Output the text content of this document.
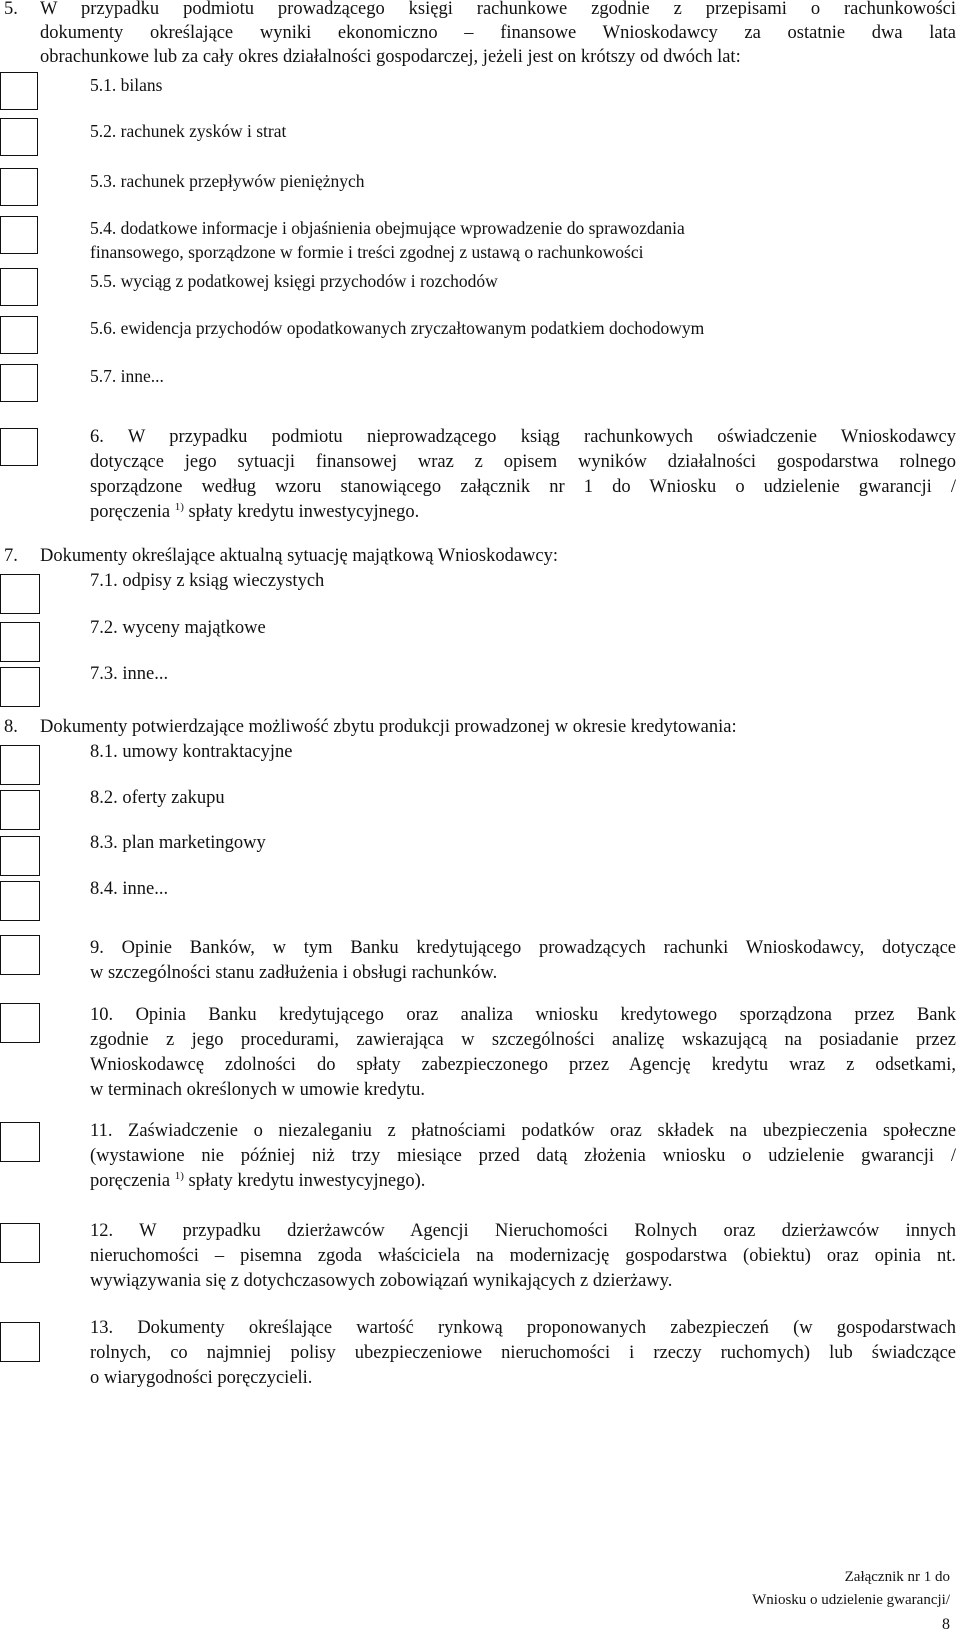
5. W przypadku podmiotu prowadzącego księgi rachunkowe zgodnie z przepisami o rachunkowości
dokumenty określające wyniki ekonomiczno – finansowe Wnioskodawcy za ostatnie dwa lata
obrachunkowe lub za cały okres działalności gospodarczej, jeżeli jest on krótszy od dwóch lat:
5.1. bilans
5.2. rachunek zysków i strat
5.3. rachunek przepływów pieniężnych
5.4. dodatkowe informacje i objaśnienia obejmujące wprowadzenie do sprawozdania
finansowego, sporządzone w formie i treści zgodnej z ustawą o rachunkowości
5.5. wyciąg z podatkowej księgi przychodów i rozchodów
5.6. ewidencja przychodów opodatkowanych zryczałtowanym podatkiem dochodowym
5.7. inne...
6. W przypadku podmiotu nieprowadzącego ksiąg rachunkowych oświadczenie Wnioskodawcy
dotyczące jego sytuacji finansowej wraz z opisem wyników działalności gospodarstwa rolnego
sporządzone według wzoru stanowiącego załącznik nr 1 do Wniosku o udzielenie gwarancji /
poręczenia $^{1)}$ spłaty kredytu inwestycyjnego.
7. Dokumenty określające aktualną sytuację majątkową Wnioskodawcy:
7.1. odpisy z ksiąg wieczystych
7.2. wyceny majątkowe
7.3. inne...
8. Dokumenty potwierdzające możliwość zbytu produkcji prowadzonej w okresie kredytowania:
8.1. umowy kontraktacyjne
8.2. oferty zakupu
8.3. plan marketingowy
8.4. inne...
9. Opinie Banków, w tym Banku kredytującego prowadzących rachunki Wnioskodawcy, dotyczące
w szczególności stanu zadłużenia i obsługi rachunków.
10. Opinia Banku kredytującego oraz analiza wniosku kredytowego sporządzona przez Bank
zgodnie z jego procedurami, zawierająca w szczególności analizę wskazującą na posiadanie przez
Wnioskodawcę zdolności do spłaty zabezpieczonego przez Agencję kredytu wraz z odsetkami,
w terminach określonych w umowie kredytu.
11. Zaświadczenie o niezaleganiu z płatnościami podatków oraz składek na ubezpieczenia społeczne
(wystawione nie później niż trzy miesiące przed datą złożenia wniosku o udzielenie gwarancji /
poręczenia $^{1)}$ spłaty kredytu inwestycyjnego).
12. W przypadku dzierżawców Agencji Nieruchomości Rolnych oraz dzierżawców innych
nieruchomości – pisemna zgoda właściciela na modernizację gospodarstwa (obiektu) oraz opinia nt.
wywiązywania się z dotychczasowych zobowiązań wynikających z dzierżawy.
13. Dokumenty określające wartość rynkową proponowanych zabezpieczeń (w gospodarstwach
rolnych, co najmniej polisy ubezpieczeniowe nieruchomości i rzeczy ruchomych) lub świadczące
o wiarygodności poręczycieli.
Załącznik nr 1 do
Wniosku o udzielenie gwarancji/
8
